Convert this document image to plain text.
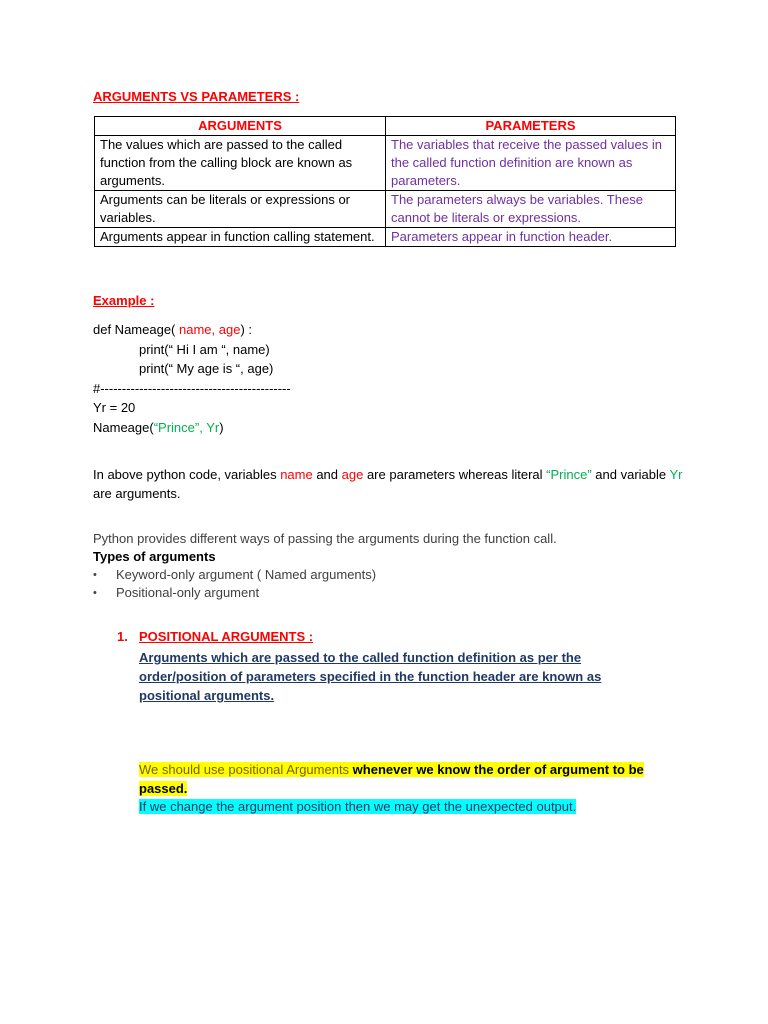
ARGUMENTS VS PARAMETERS :
ARGUMENTS	PARAMETERS
The values which are passed to the called function from the calling block are known as arguments.	The variables that receive the passed values in the called function definition are known as parameters.
Arguments can be literals or expressions or variables.	The parameters always be variables. These cannot be literals or expressions.
Arguments appear in function calling statement.	Parameters appear in function header.
Example :
def Nameage( name, age) :
print(“ Hi I am “, name)
print(“ My age is “, age)
#--------------------------------------------
Yr = 20
Nameage(“Prince”, Yr)
In above python code, variables name and age are parameters whereas literal “Prince” and variable Yr are arguments.
Python provides different ways of passing the arguments during the function call.
Types of arguments
• Keyword-only argument ( Named arguments)
• Positional-only argument
1. POSITIONAL ARGUMENTS :
Arguments which are passed to the called function definition as per the order/position of parameters specified in the function header are known as positional arguments.
We should use positional Arguments whenever we know the order of argument to be passed.
If we change the argument position then we may get the unexpected output.
